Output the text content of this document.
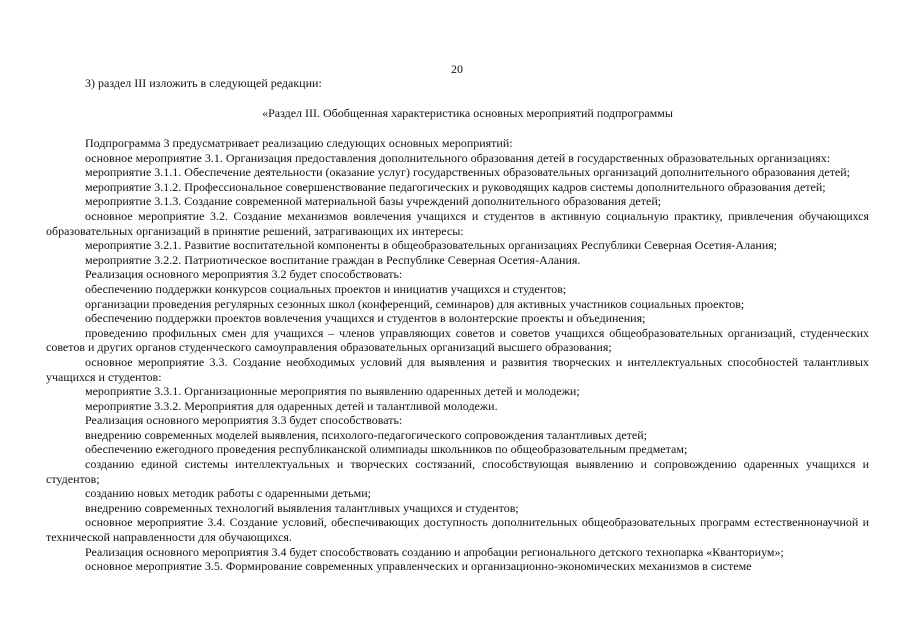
20
3) раздел III изложить в следующей редакции:
«Раздел III. Обобщенная характеристика основных мероприятий подпрограммы

Подпрограмма 3 предусматривает реализацию следующих основных мероприятий:

основное мероприятие 3.1. Организация предоставления дополнительного образования детей в государственных образовательных организациях:

мероприятие 3.1.1. Обеспечение деятельности (оказание услуг) государственных образовательных организаций дополнительного образования детей;

мероприятие 3.1.2. Профессиональное совершенствование педагогических и руководящих кадров системы дополнительного образования детей;

мероприятие 3.1.3. Создание современной материальной базы учреждений дополнительного образования детей;

основное мероприятие 3.2. Создание механизмов вовлечения учащихся и студентов в активную социальную практику, привлечения обучающихся образовательных организаций в принятие решений, затрагивающих их интересы:

мероприятие 3.2.1. Развитие воспитательной компоненты в общеобразовательных организациях Республики Северная Осетия-Алания;

мероприятие 3.2.2. Патриотическое воспитание граждан в Республике Северная Осетия-Алания.

Реализация основного мероприятия 3.2 будет способствовать:

обеспечению поддержки конкурсов социальных проектов и инициатив учащихся и студентов;

организации проведения регулярных сезонных школ (конференций, семинаров) для активных участников социальных проектов;

обеспечению поддержки проектов вовлечения учащихся и студентов в волонтерские проекты и объединения;

проведению профильных смен для учащихся – членов управляющих советов и советов учащихся общеобразовательных организаций, студенческих советов и других органов студенческого самоуправления образовательных организаций высшего образования;

основное мероприятие 3.3. Создание необходимых условий для выявления и развития творческих и интеллектуальных способностей талантливых учащихся и студентов:

мероприятие 3.3.1. Организационные мероприятия по выявлению одаренных детей и молодежи;

мероприятие 3.3.2. Мероприятия для одаренных детей и талантливой молодежи.

Реализация основного мероприятия 3.3 будет способствовать:

внедрению современных моделей выявления, психолого-педагогического сопровождения талантливых детей;

обеспечению ежегодного проведения республиканской олимпиады школьников по общеобразовательным предметам;

созданию единой системы интеллектуальных и творческих состязаний, способствующая выявлению и сопровождению одаренных учащихся и студентов;

созданию новых методик работы с одаренными детьми;

внедрению современных технологий выявления талантливых учащихся и студентов;

основное мероприятие 3.4. Создание условий, обеспечивающих доступность дополнительных общеобразовательных программ естественнонаучной и технической направленности для обучающихся.

Реализация основного мероприятия 3.4 будет способствовать созданию и апробации регионального детского технопарка «Кванториум»;

основное мероприятие 3.5. Формирование современных управленческих и организационно-экономических механизмов в системе
